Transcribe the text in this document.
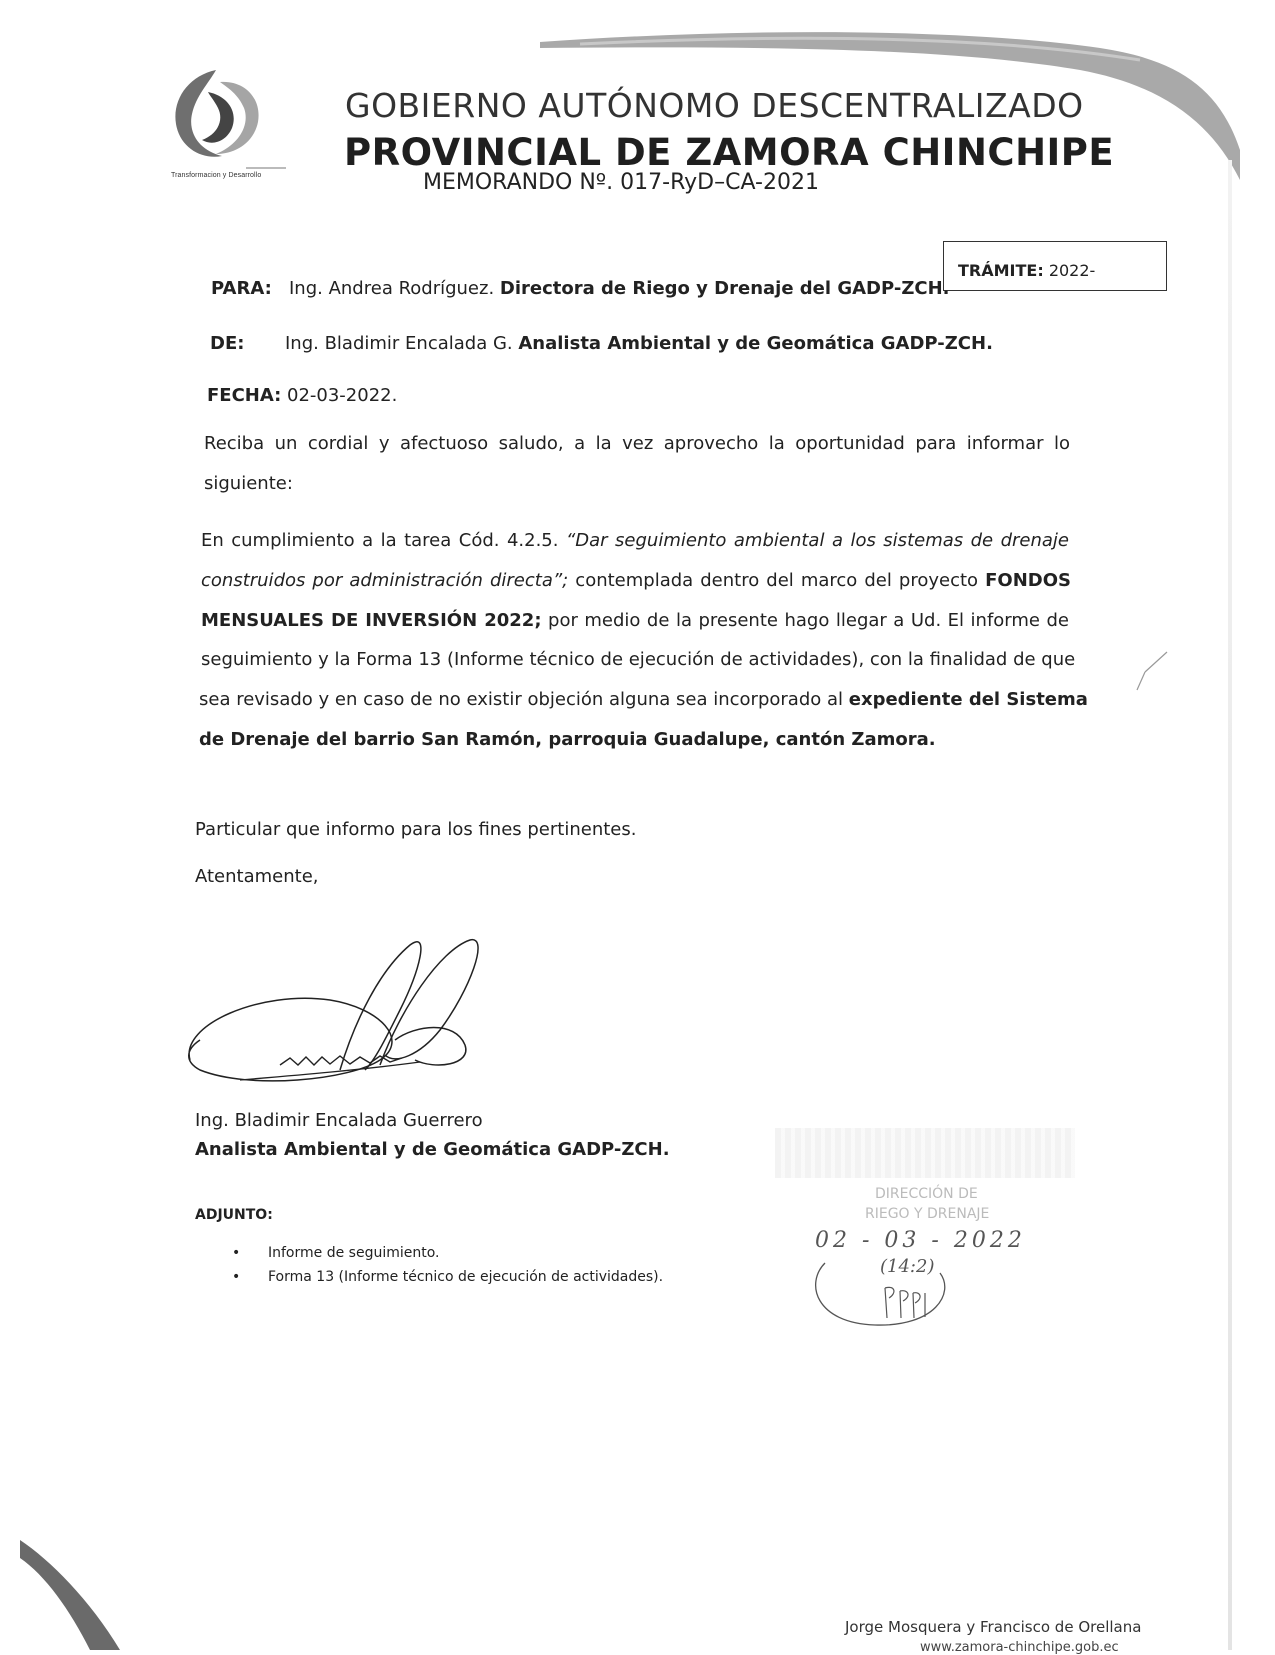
Transformacion y Desarrollo
GOBIERNO AUTÓNOMO DESCENTRALIZADO
PROVINCIAL DE ZAMORA CHINCHIPE
MEMORANDO Nº. 017-RyD–CA-2021
TRÁMITE: 2022-
PARA: Ing. Andrea Rodríguez. Directora de Riego y Drenaje del GADP-ZCH.
DE: Ing. Bladimir Encalada G. Analista Ambiental y de Geomática GADP-ZCH.
FECHA: 02-03-2022.
Reciba un cordial y afectuoso saludo, a la vez aprovecho la oportunidad para informar lo
siguiente:
En cumplimiento a la tarea Cód. 4.2.5. “Dar seguimiento ambiental a los sistemas de drenaje
construidos por administración directa”; contemplada dentro del marco del proyecto FONDOS
MENSUALES DE INVERSIÓN 2022; por medio de la presente hago llegar a Ud. El informe de
seguimiento y la Forma 13 (Informe técnico de ejecución de actividades), con la finalidad de que
sea revisado y en caso de no existir objeción alguna sea incorporado al expediente del Sistema
de Drenaje del barrio San Ramón, parroquia Guadalupe, cantón Zamora.
Particular que informo para los fines pertinentes.
Atentamente,
Ing. Bladimir Encalada Guerrero
Analista Ambiental y de Geomática GADP-ZCH.
ADJUNTO:
• Informe de seguimiento.
• Forma 13 (Informe técnico de ejecución de actividades).
DIRECCIÓN DE
RIEGO Y DRENAJE
02 - 03 - 2022
(14:2)
Jorge Mosquera y Francisco de Orellana
www.zamora-chinchipe.gob.ec
